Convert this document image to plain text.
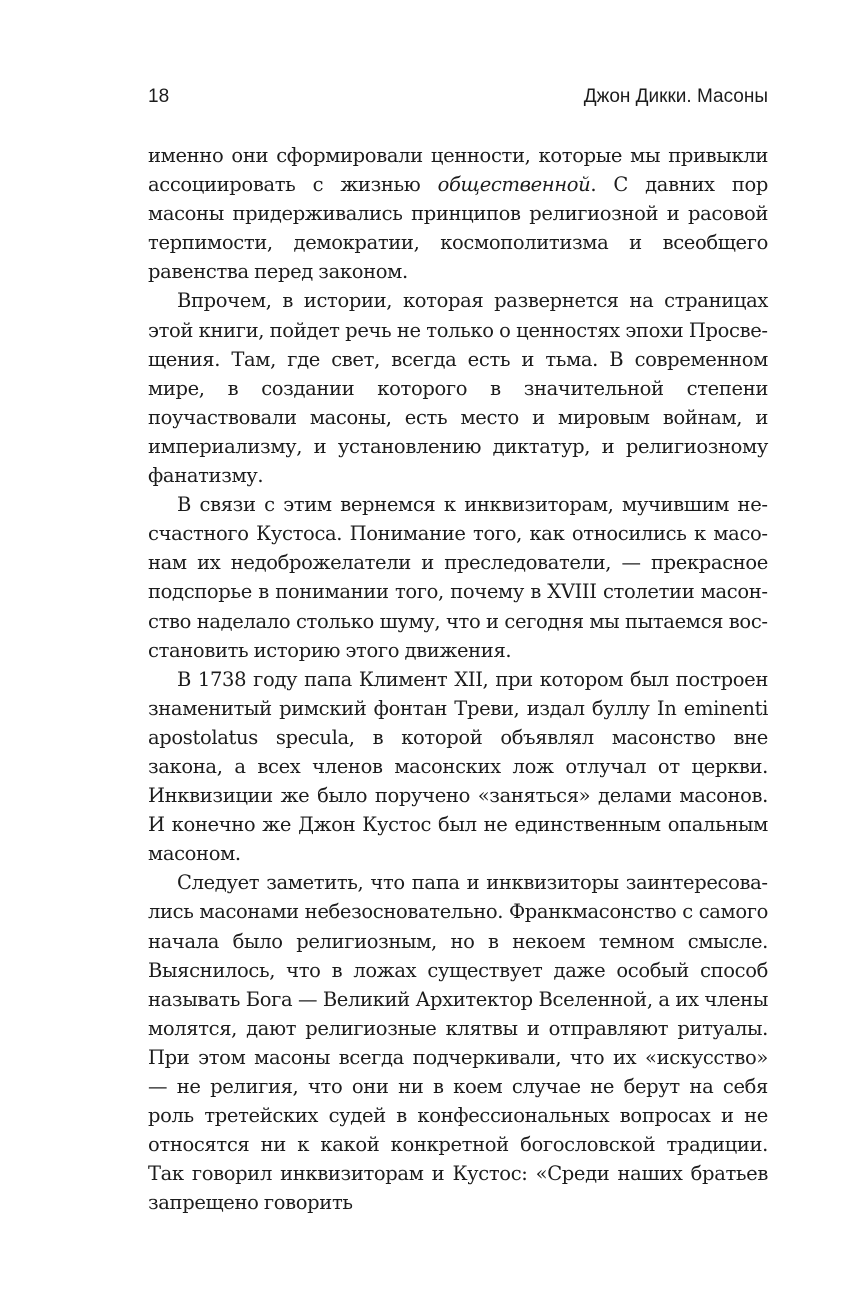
18	Джон Дикки. Масоны

именно они сформировали ценности, которые мы привыкли ассоциировать с жизнью общественной. С давних пор масоны придерживались принципов религиозной и расовой терпимости, демократии, космополитизма и всеобщего равенства перед законом.

Впрочем, в истории, которая развернется на страницах этой книги, пойдет речь не только о ценностях эпохи Просвещения. Там, где свет, всегда есть и тьма. В современном мире, в создании которого в значительной степени поучаствовали масоны, есть место и мировым войнам, и империализму, и установлению диктатур, и религиозному фанатизму.

В связи с этим вернемся к инквизиторам, мучившим несчастного Кустоса. Понимание того, как относились к масонам их недоброжелатели и преследователи, — прекрасное подспорье в понимании того, почему в XVIII столетии масонство наделало столько шуму, что и сегодня мы пытаемся восстановить историю этого движения.

В 1738 году папа Климент XII, при котором был построен знаменитый римский фонтан Треви, издал буллу In eminenti apostolatus specula, в которой объявлял масонство вне закона, а всех членов масонских лож отлучал от церкви. Инквизиции же было поручено «заняться» делами масонов. И конечно же Джон Кустос был не единственным опальным масоном.

Следует заметить, что папа и инквизиторы заинтересовались масонами небезосновательно. Франкмасонство с самого начала было религиозным, но в некоем темном смысле. Выяснилось, что в ложах существует даже особый способ называть Бога — Великий Архитектор Вселенной, а их члены молятся, дают религиозные клятвы и отправляют ритуалы. При этом масоны всегда подчеркивали, что их «искусство» — не религия, что они ни в коем случае не берут на себя роль третейских судей в конфессиональных вопросах и не относятся ни к какой конкретной богословской традиции. Так говорил инквизиторам и Кустос: «Среди наших братьев запрещено говорить
